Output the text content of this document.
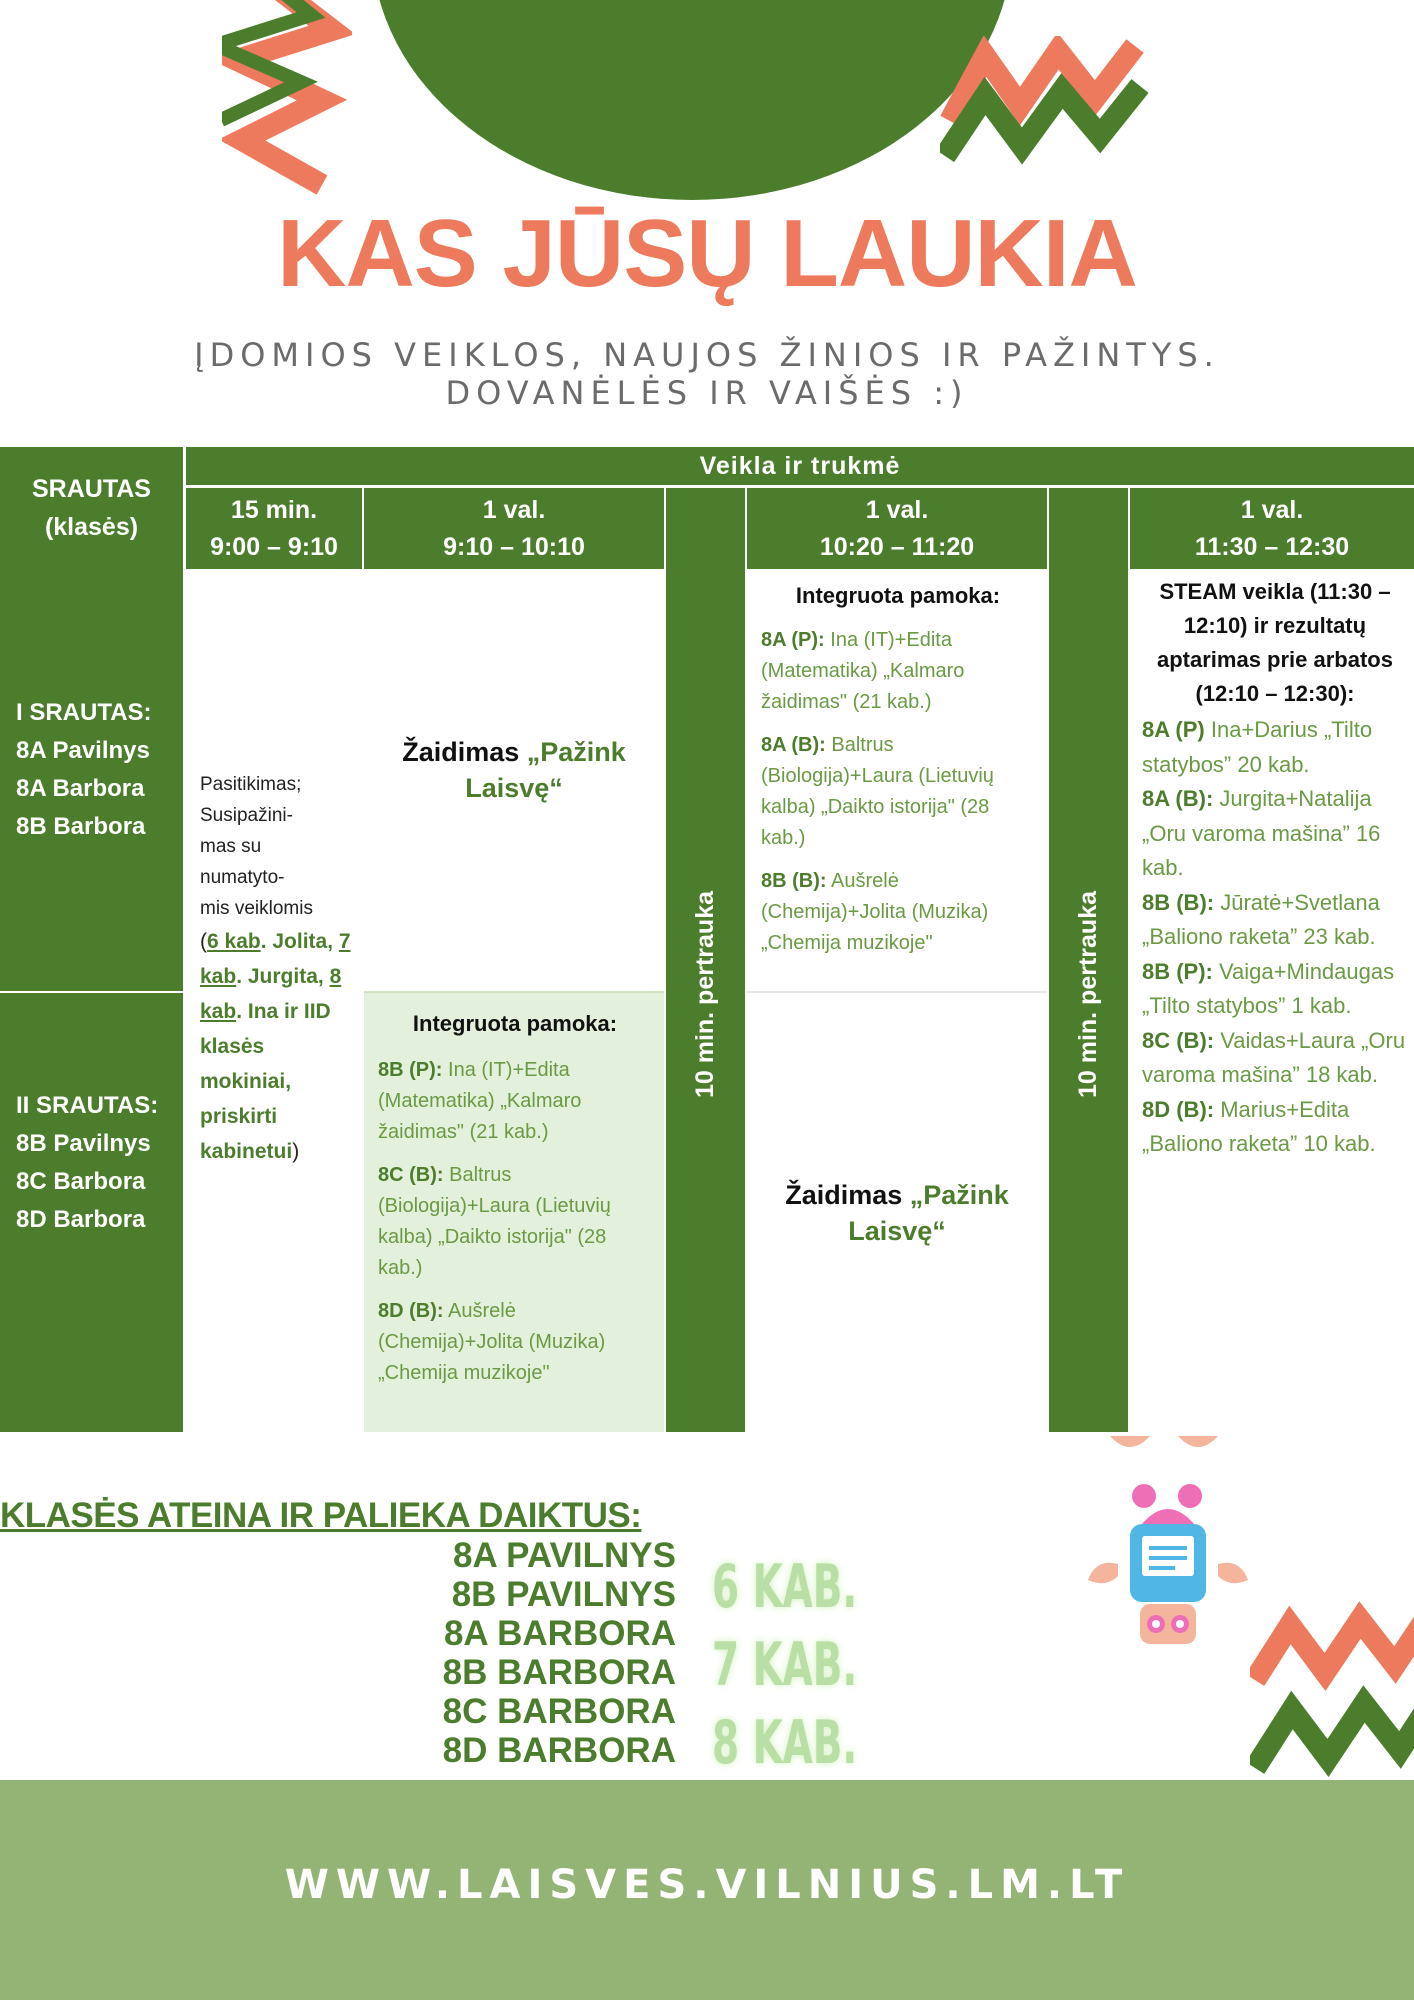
KAS JŪSŲ LAUKIA
ĮDOMIOS VEIKLOS, NAUJOS ŽINIOS IR PAŽINTYS.
DOVANĖLĖS IR VAIŠĖS :)
SRAUTAS
(klasės)
Veikla ir trukmė
15 min.
9:00 – 9:10
1 val.
9:10 – 10:10
1 val.
10:20 – 11:20
1 val.
11:30 – 12:30
10 min. pertrauka	10 min. pertrauka
I SRAUTAS:
8A Pavilnys
8A Barbora
8B Barbora
II SRAUTAS:
8B Pavilnys
8C Barbora
8D Barbora
Pasitikimas;
Susipažini-
mas su
numatyto-
mis veiklomis
(6 kab. Jolita, 7 kab. Jurgita, 8 kab. Ina ir IID klasės mokiniai, priskirti kabinetui)
Žaidimas „Pažink Laisvę“
Integruota pamoka:
8B (P): Ina (IT)+Edita (Matematika) „Kalmaro žaidimas" (21 kab.)
8C (B): Baltrus (Biologija)+Laura (Lietuvių kalba) „Daikto istorija" (28 kab.)
8D (B): Aušrelė (Chemija)+Jolita (Muzika) „Chemija muzikoje"
Integruota pamoka:
8A (P): Ina (IT)+Edita (Matematika) „Kalmaro žaidimas" (21 kab.)
8A (B): Baltrus (Biologija)+Laura (Lietuvių kalba) „Daikto istorija" (28 kab.)
8B (B): Aušrelė (Chemija)+Jolita (Muzika) „Chemija muzikoje"
Žaidimas „Pažink Laisvę“
STEAM veikla (11:30 – 12:10) ir rezultatų aptarimas prie arbatos (12:10 – 12:30):
8A (P) Ina+Darius „Tilto statybos” 20 kab.
8A (B): Jurgita+Natalija „Oru varoma mašina” 16 kab.
8B (B): Jūratė+Svetlana „Baliono raketa” 23 kab.
8B (P): Vaiga+Mindaugas „Tilto statybos” 1 kab.
8C (B): Vaidas+Laura „Oru varoma mašina” 18 kab.
8D (B): Marius+Edita „Baliono raketa” 10 kab.
KLASĖS ATEINA IR PALIEKA DAIKTUS:
8A PAVILNYS
8B PAVILNYS
8A BARBORA
8B BARBORA
8C BARBORA
8D BARBORA
6 KAB.
7 KAB.
8 KAB.
WWW.LAISVES.VILNIUS.LM.LT
